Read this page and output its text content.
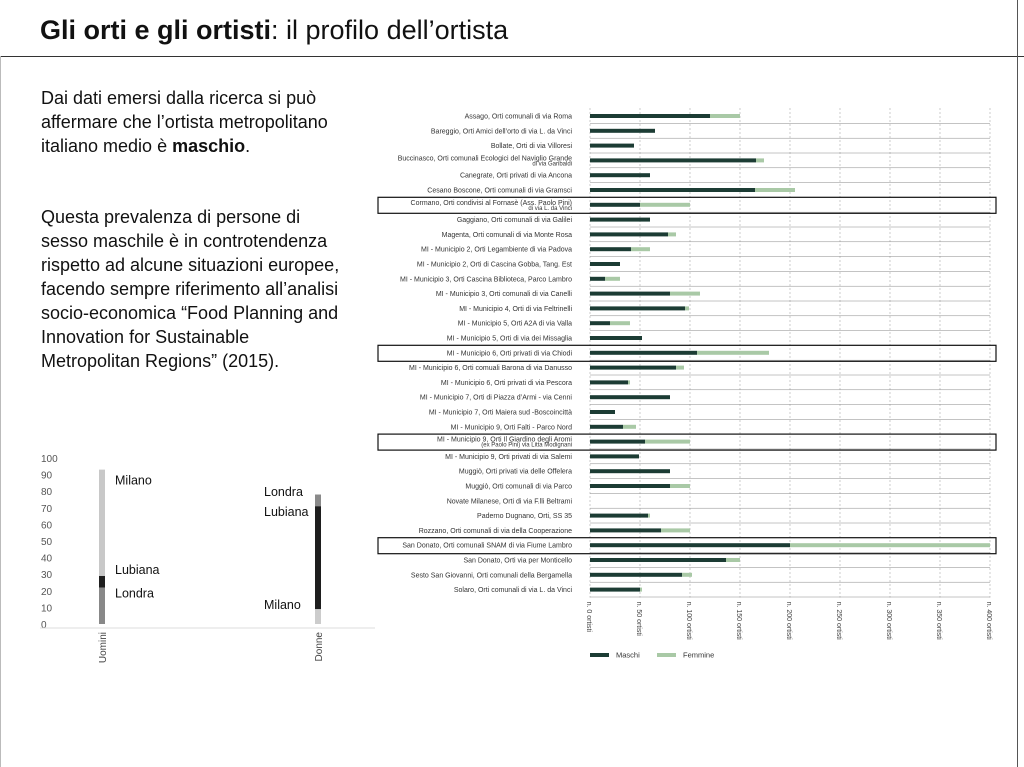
Gli orti e gli ortisti: il profilo dell’ortista
Dai dati emersi dalla ricerca si può affermare che l’ortista metropolitano italiano medio è maschio.
Questa prevalenza di persone di sesso maschile è in controtendenza rispetto ad alcune situazioni europee, facendo sempre riferimento all’analisi socio-economica “Food Planning and Innovation for Sustainable Metropolitan Regions” (2015).
0
10
20
30
40
50
60
70
80
90
100
Milano
Lubiana
Londra
Londra
Lubiana
Milano
Uomini	Donne
Assago, Orti comunali di via Roma
Bareggio, Orti Amici dell’orto di via L. da Vinci
Bollate, Orti di via Villoresi
Buccinasco, Orti comunali Ecologici del Naviglio Grande
di via Garibaldi
Canegrate, Orti privati di via Ancona
Cesano Boscone, Orti comunali di via Gramsci
Cormano, Orti condivisi al Fornasè (Ass. Paolo Pini)
di via L. da Vinci
Gaggiano, Orti comunali di via Galilei
Magenta, Orti comunali di via Monte Rosa
MI - Municipio 2, Orti Legambiente di via Padova
MI - Municipio 2, Orti di Cascina Gobba, Tang. Est
MI - Municipio 3, Orti Cascina Biblioteca, Parco Lambro
MI - Municipio 3, Orti comunali di via Canelli
MI - Municipio 4, Orti di via Feltrinelli
MI - Municipio 5, Orti A2A di via Valla
MI - Municipio 5, Orti di via dei Missaglia
MI - Municipio 6, Orti privati di via Chiodi
MI - Municipio 6, Orti comuali Barona di via Danusso
MI - Municipio 6, Orti privati di via Pescora
MI - Municipio 7, Orti di Piazza d’Armi - via Cenni
MI - Municipio 7, Orti Maiera sud -Boscoincittà
MI - Municipio 9, Orti Falti - Parco Nord
MI - Municipio 9, Orti Il Giardino degli Aromi
(ex Paolo Pini) via Litta Modignani
MI - Municipio 9, Orti privati di via Salemi
Muggiò, Orti privati via delle Offelera
Muggiò, Orti comunali di via Parco
Novate Milanese, Orti di via F.lli Beltrami
Paderno Dugnano, Orti, SS 35
Rozzano, Orti comunali di via della Cooperazione
San Donato, Orti comunali SNAM di via Fiume Lambro
San Donato, Orti via per Monticello
Sesto San Giovanni, Orti comunali della Bergamella
Solaro, Orti comunali di via L. da Vinci
n. 0 ortisti	n. 50 ortisti	n. 100 ortisti	n. 150 ortisti	n. 200 ortisti	n. 250 ortisti	n. 300 ortisti	n. 350 ortisti	n. 400 ortisti
Maschi	Femmine
